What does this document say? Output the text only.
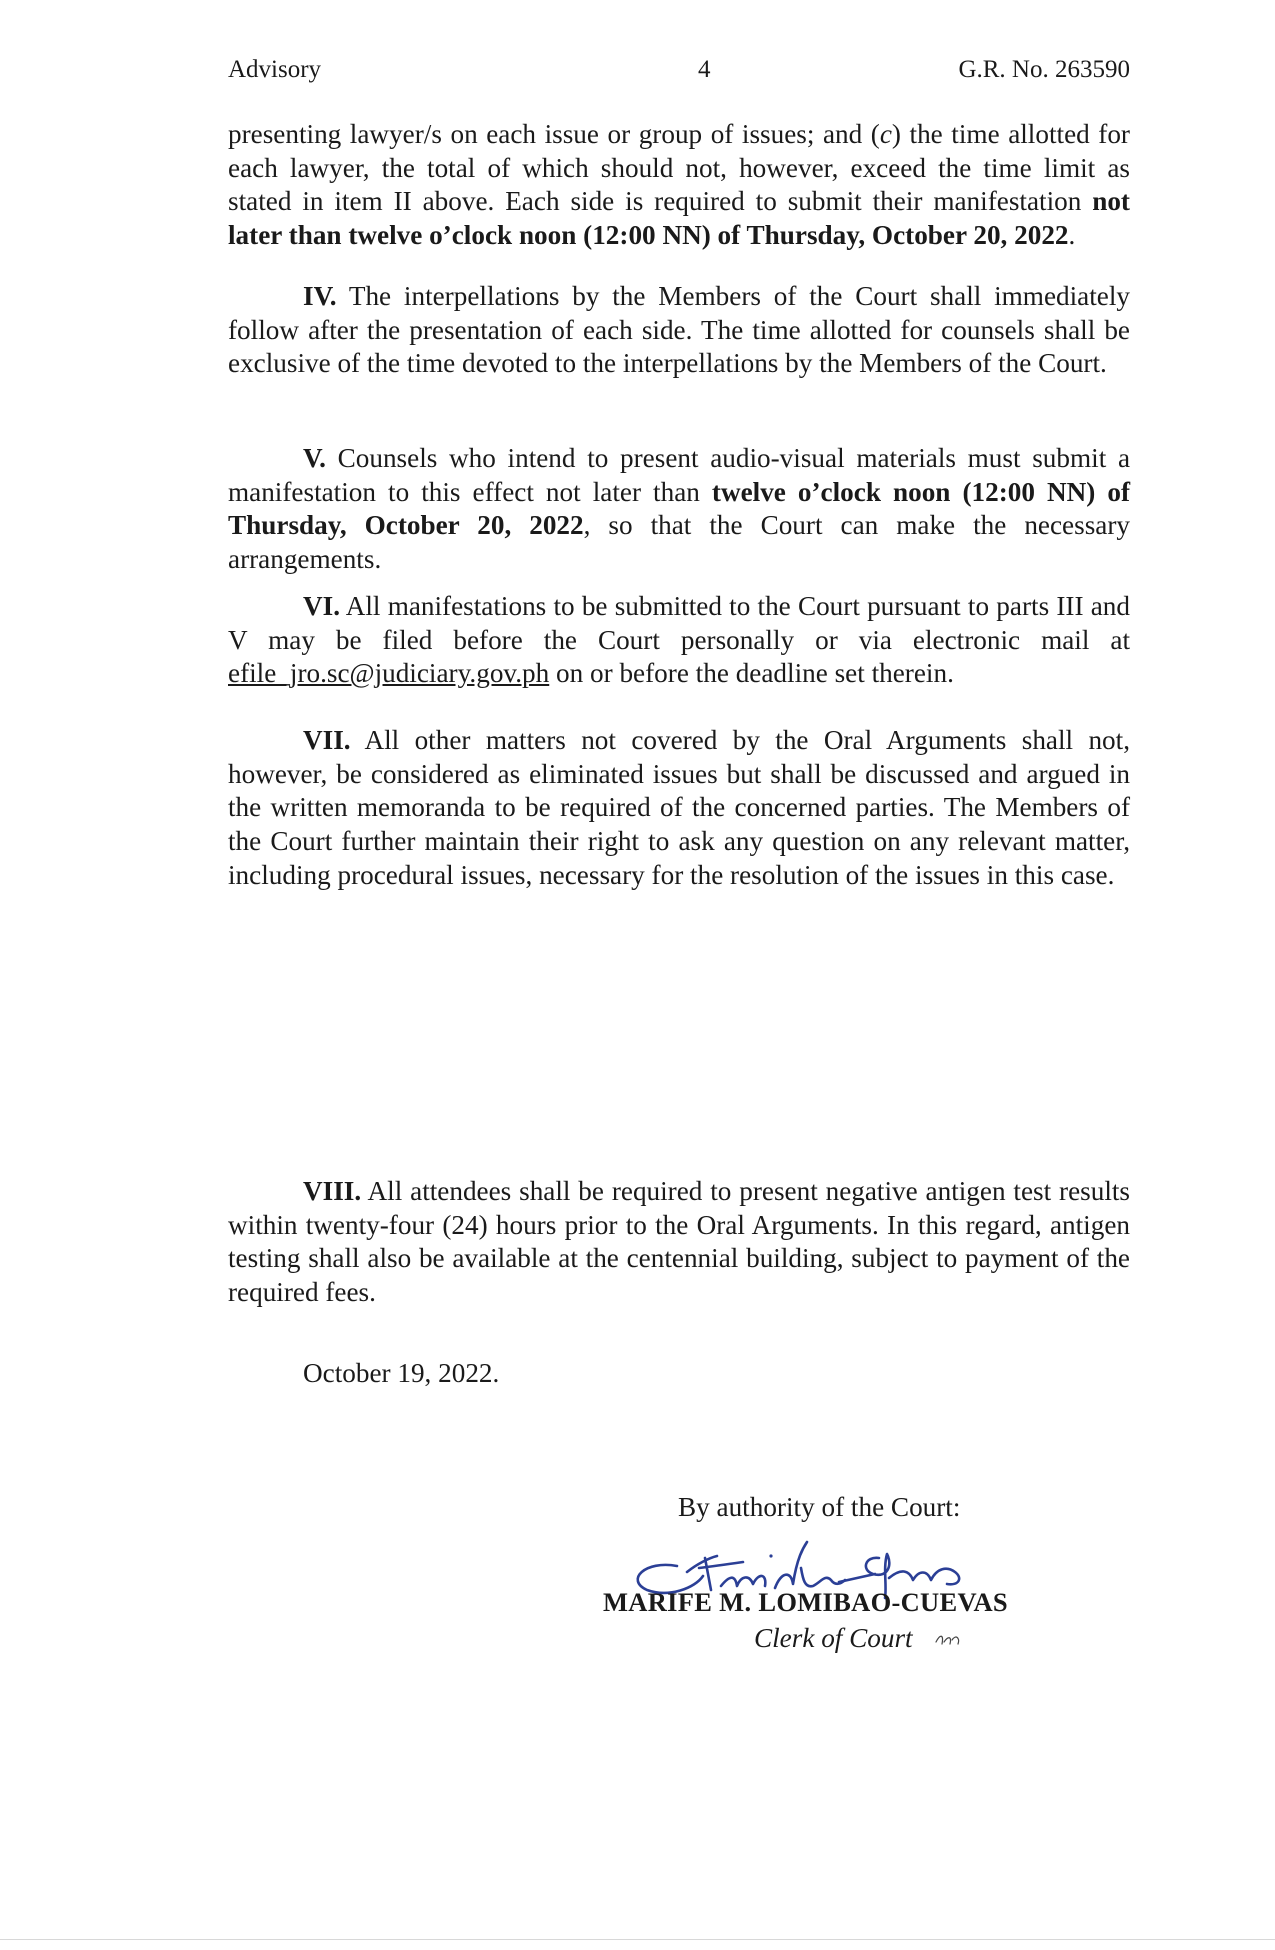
Advisory	4	G.R. No. 263590

presenting lawyer/s on each issue or group of issues; and (c) the time allotted for each lawyer, the total of which should not, however, exceed the time limit as stated in item II above. Each side is required to submit their manifestation not later than twelve o’clock noon (12:00 NN) of Thursday, October 20, 2022.

IV. The interpellations by the Members of the Court shall immediately follow after the presentation of each side. The time allotted for counsels shall be exclusive of the time devoted to the interpellations by the Members of the Court.

V. Counsels who intend to present audio-visual materials must submit a manifestation to this effect not later than twelve o’clock noon (12:00 NN) of Thursday, October 20, 2022, so that the Court can make the necessary arrangements.

VI. All manifestations to be submitted to the Court pursuant to parts III and V may be filed before the Court personally or via electronic mail at efile_jro.sc@judiciary.gov.ph on or before the deadline set therein.

VII. All other matters not covered by the Oral Arguments shall not, however, be considered as eliminated issues but shall be discussed and argued in the written memoranda to be required of the concerned parties. The Members of the Court further maintain their right to ask any question on any relevant matter, including procedural issues, necessary for the resolution of the issues in this case.

VIII. All attendees shall be required to present negative antigen test results within twenty-four (24) hours prior to the Oral Arguments. In this regard, antigen testing shall also be available at the centennial building, subject to payment of the required fees.

October 19, 2022.
By authority of the Court:
MARIFE M. LOMIBAO-CUEVAS
Clerk of Court
